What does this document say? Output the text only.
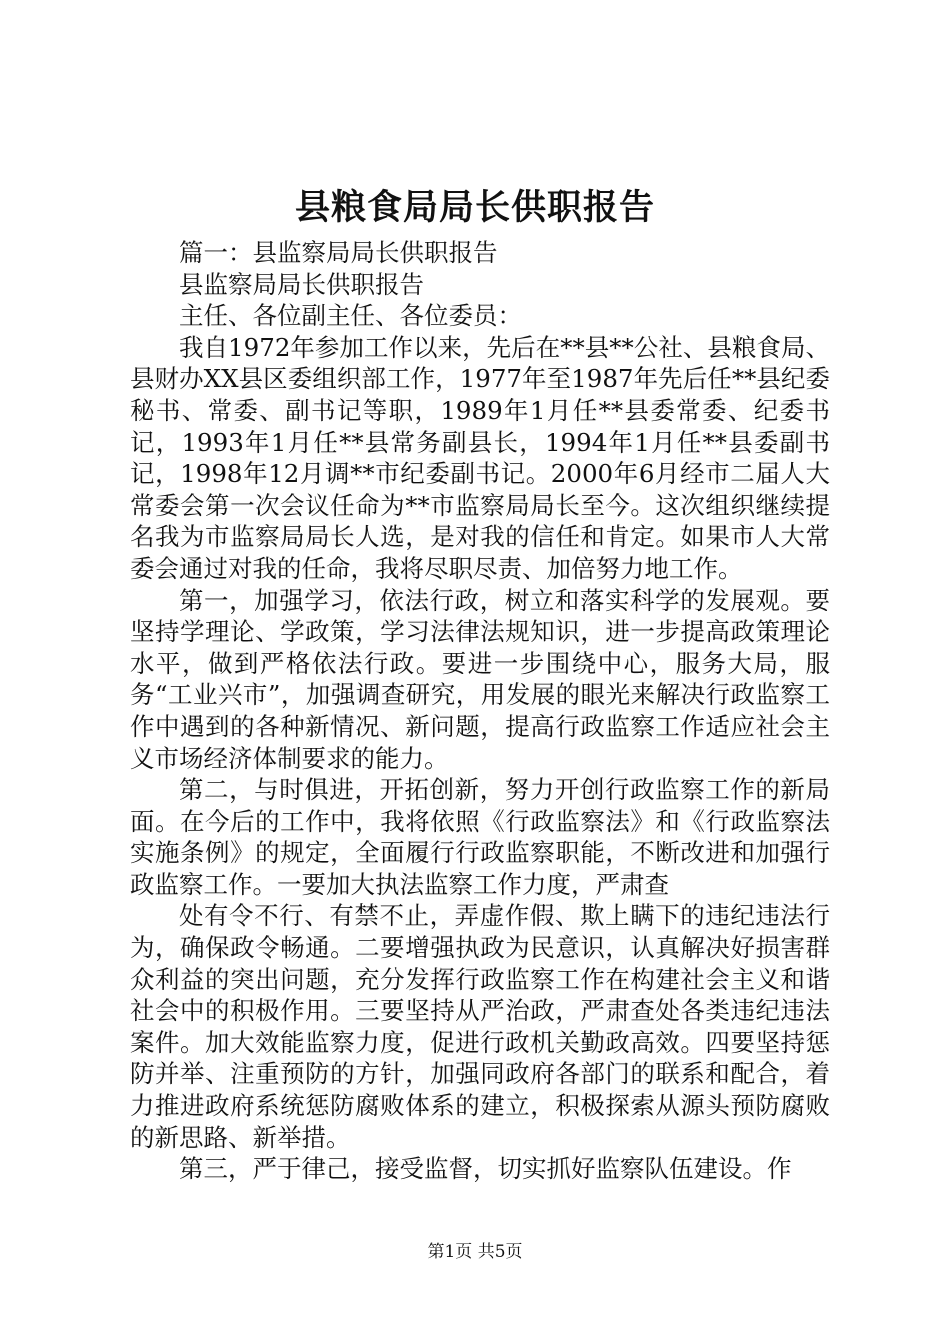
县粮食局局长供职报告

篇一：县监察局局长供职报告

县监察局局长供职报告

主任、各位副主任、各位委员：

我自1972年参加工作以来，先后在**县**公社、县粮食局、县财办XX县区委组织部工作，1977年至1987年先后任**县纪委秘书、常委、副书记等职，1989年1月任**县委常委、纪委书记，1993年1月任**县常务副县长，1994年1月任**县委副书记，1998年12月调**市纪委副书记。2000年6月经市二届人大常委会第一次会议任命为**市监察局局长至今。这次组织继续提名我为市监察局局长人选，是对我的信任和肯定。如果市人大常委会通过对我的任命，我将尽职尽责、加倍努力地工作。

第一，加强学习，依法行政，树立和落实科学的发展观。要坚持学理论、学政策，学习法律法规知识，进一步提高政策理论水平，做到严格依法行政。要进一步围绕中心，服务大局，服务“工业兴市”，加强调查研究，用发展的眼光来解决行政监察工作中遇到的各种新情况、新问题，提高行政监察工作适应社会主义市场经济体制要求的能力。

第二，与时俱进，开拓创新，努力开创行政监察工作的新局面。在今后的工作中，我将依照《行政监察法》和《行政监察法实施条例》的规定，全面履行行政监察职能，不断改进和加强行政监察工作。一要加大执法监察工作力度，严肃查

处有令不行、有禁不止，弄虚作假、欺上瞒下的违纪违法行为，确保政令畅通。二要增强执政为民意识，认真解决好损害群众利益的突出问题，充分发挥行政监察工作在构建社会主义和谐社会中的积极作用。三要坚持从严治政，严肃查处各类违纪违法案件。加大效能监察力度，促进行政机关勤政高效。四要坚持惩防并举、注重预防的方针，加强同政府各部门的联系和配合，着力推进政府系统惩防腐败体系的建立，积极探索从源头预防腐败的新思路、新举措。

第三，严于律己，接受监督，切实抓好监察队伍建设。作

第1页 共5页
